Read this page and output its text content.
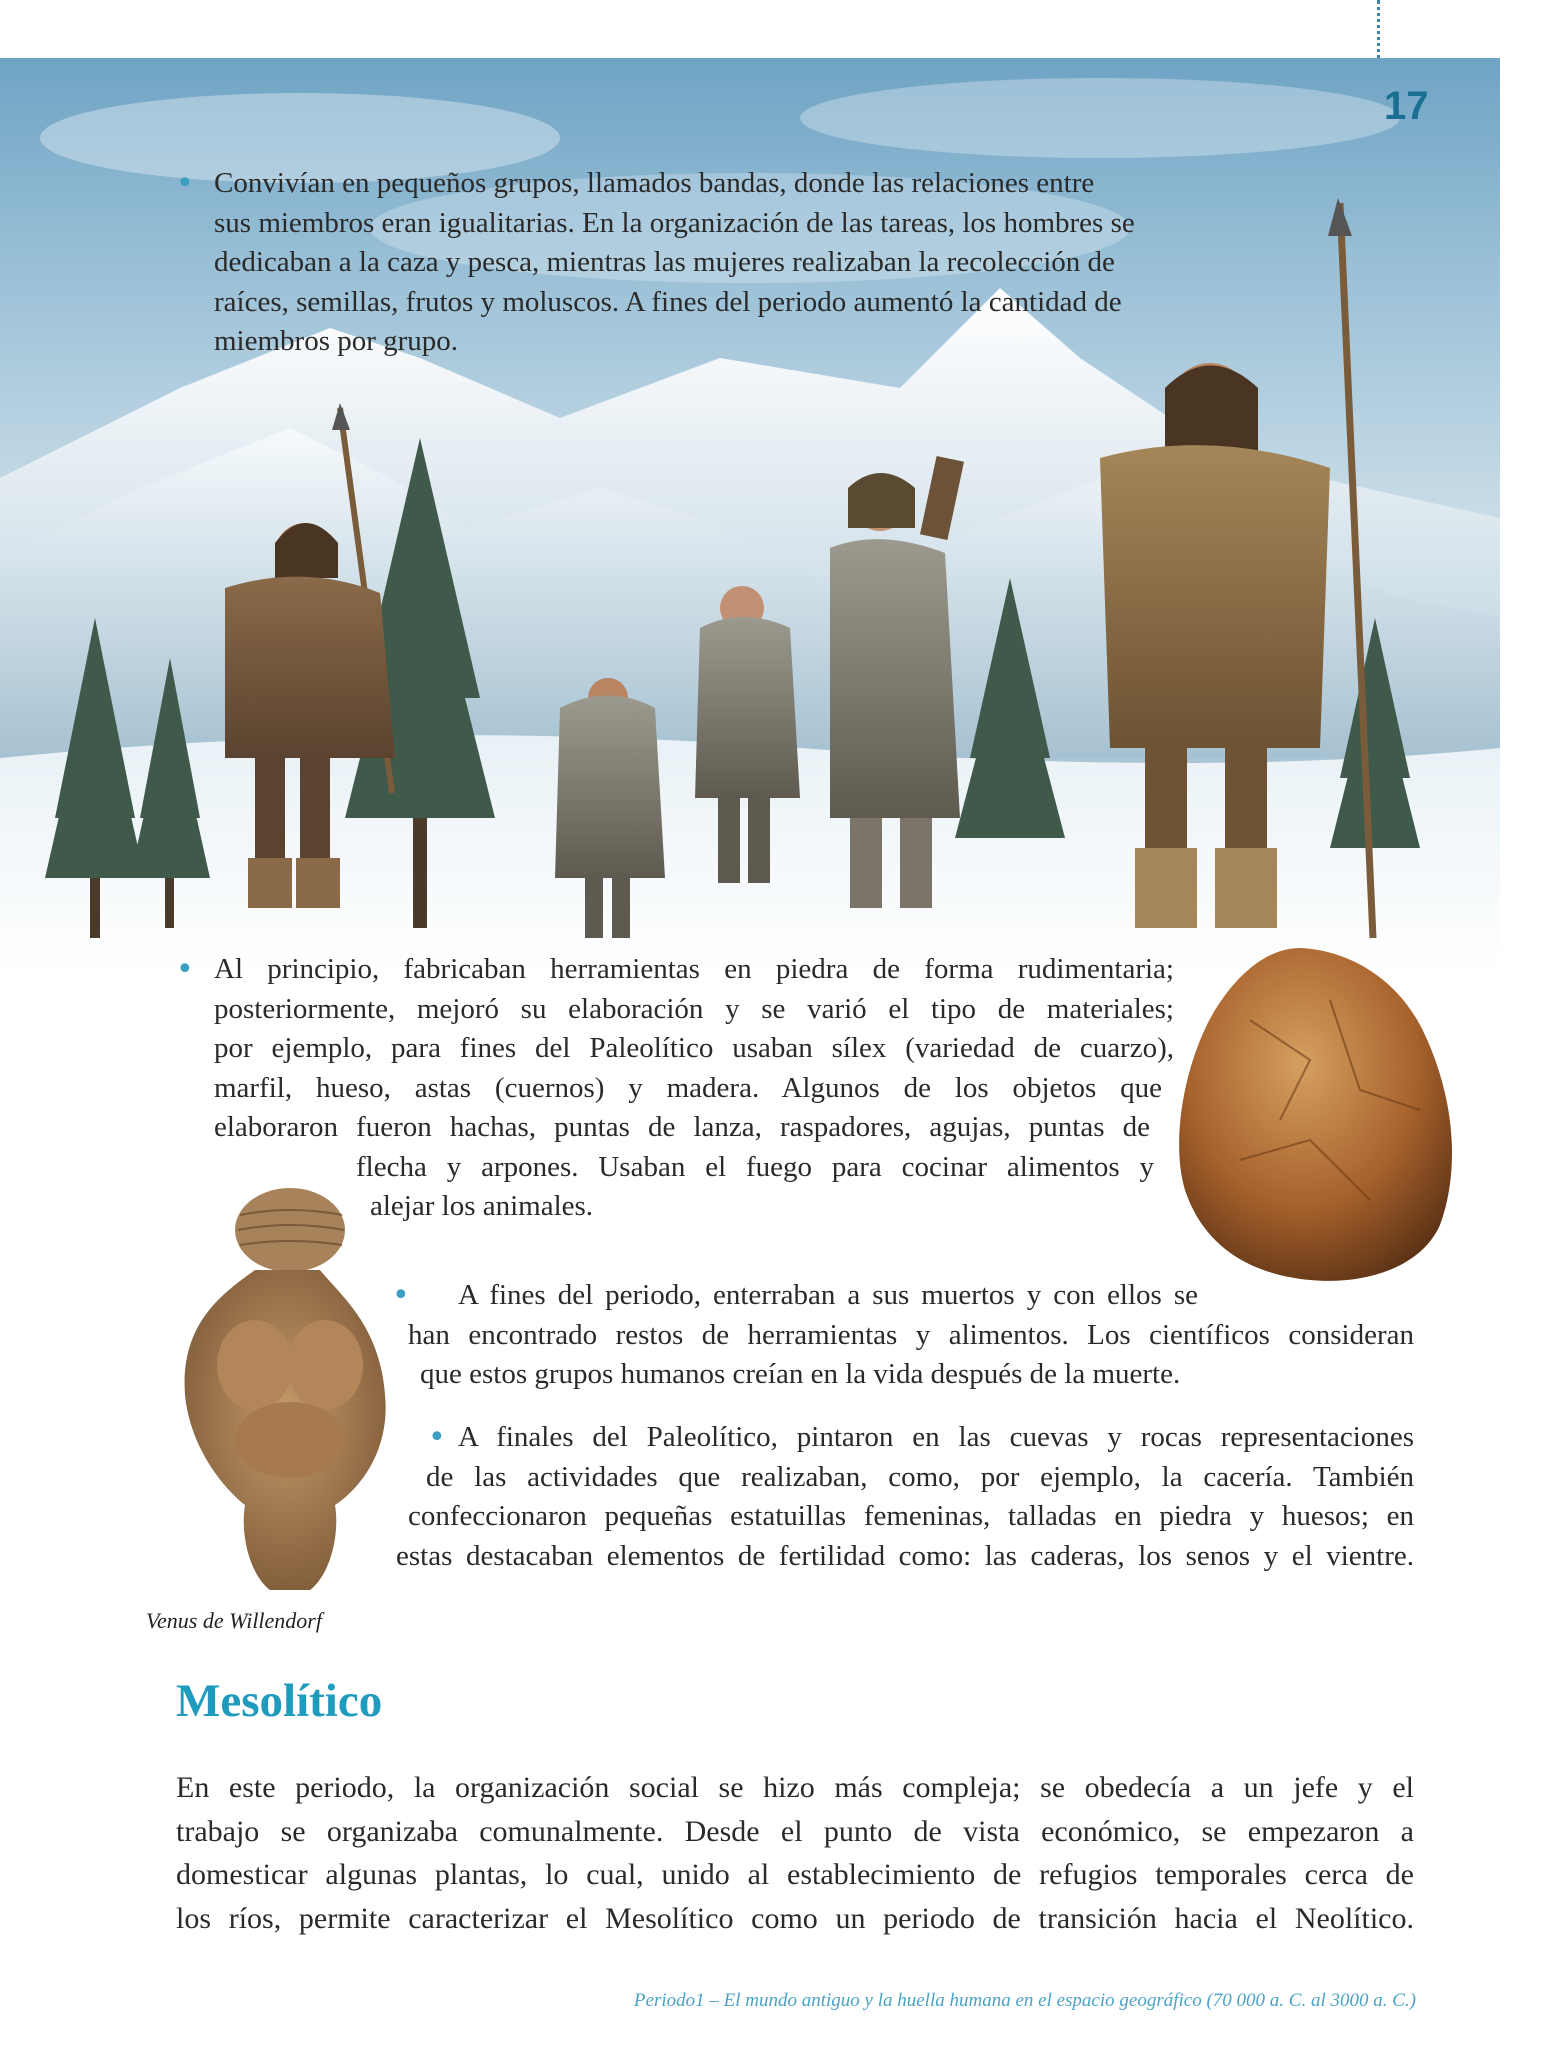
17
• Convivían en pequeños grupos, llamados bandas, donde las relaciones entre
sus miembros eran igualitarias. En la organización de las tareas, los hombres se
dedicaban a la caza y pesca, mientras las mujeres realizaban la recolección de
raíces, semillas, frutos y moluscos. A fines del periodo aumentó la cantidad de
miembros por grupo.
• Al principio, fabricaban herramientas en piedra de forma rudimentaria;
posteriormente, mejoró su elaboración y se varió el tipo de materiales;
por ejemplo, para fines del Paleolítico usaban sílex (variedad de cuarzo),
marfil, hueso, astas (cuernos) y madera. Algunos de los objetos que
elaboraron fueron hachas, puntas de lanza, raspadores, agujas, puntas de
flecha y arpones. Usaban el fuego para cocinar alimentos y
alejar los animales.
• A fines del periodo, enterraban a sus muertos y con ellos se
han encontrado restos de herramientas y alimentos. Los científicos consideran
que estos grupos humanos creían en la vida después de la muerte.
• A finales del Paleolítico, pintaron en las cuevas y rocas representaciones
de las actividades que realizaban, como, por ejemplo, la cacería. También
confeccionaron pequeñas estatuillas femeninas, talladas en piedra y huesos; en
estas destacaban elementos de fertilidad como: las caderas, los senos y el vientre.
Venus de Willendorf
Mesolítico
En este periodo, la organización social se hizo más compleja; se obedecía a un jefe y el
trabajo se organizaba comunalmente. Desde el punto de vista económico, se empezaron a
domesticar algunas plantas, lo cual, unido al establecimiento de refugios temporales cerca de
los ríos, permite caracterizar el Mesolítico como un periodo de transición hacia el Neolítico.
Periodo1 – El mundo antiguo y la huella humana en el espacio geográfico (70 000 a. C. al 3000 a. C.)
